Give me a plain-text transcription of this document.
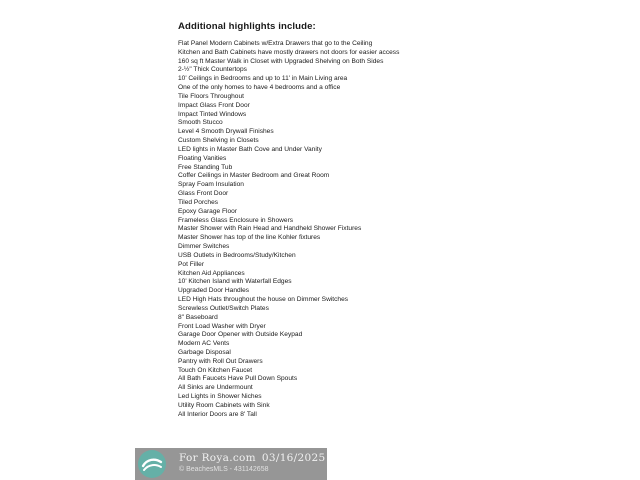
Additional highlights include:
Flat Panel Modern Cabinets w/Extra Drawers that go to the Ceiling
Kitchen and Bath Cabinets have mostly drawers not doors for easier access
160 sq ft Master Walk in Closet with Upgraded Shelving on Both Sides
2-½" Thick Countertops
10' Ceilings in Bedrooms and up to 11' in Main Living area
One of the only homes to have 4 bedrooms and a office
Tile Floors Throughout
Impact Glass Front Door
Impact Tinted Windows
Smooth Stucco
Level 4 Smooth Drywall Finishes
Custom Shelving in Closets
LED lights in Master Bath Cove and Under Vanity
Floating Vanities
Free Standing Tub
Coffer Ceilings in Master Bedroom and Great Room
Spray Foam Insulation
Glass Front Door
Tiled Porches
Epoxy Garage Floor
Frameless Glass Enclosure in Showers
Master Shower with Rain Head and Handheld Shower Fixtures
Master Shower has top of the line Kohler fixtures
Dimmer Switches
USB Outlets in Bedrooms/Study/Kitchen
Pot Filler
Kitchen Aid Appliances
10' Kitchen Island with Waterfall Edges
Upgraded Door Handles
LED High Hats throughout the house on Dimmer Switches
Screwless Outlet/Switch Plates
8" Baseboard
Front Load Washer with Dryer
Garage Door Opener with Outside Keypad
Modern AC Vents
Garbage Disposal
Pantry with Roll Out Drawers
Touch On Kitchen Faucet
All Bath Faucets Have Pull Down Spouts
All Sinks are Undermount
Led Lights in Shower Niches
Utility Room Cabinets with Sink
All Interior Doors are 8' Tall
For Roya.com 03/16/2025
© BeachesMLS - 431142658
